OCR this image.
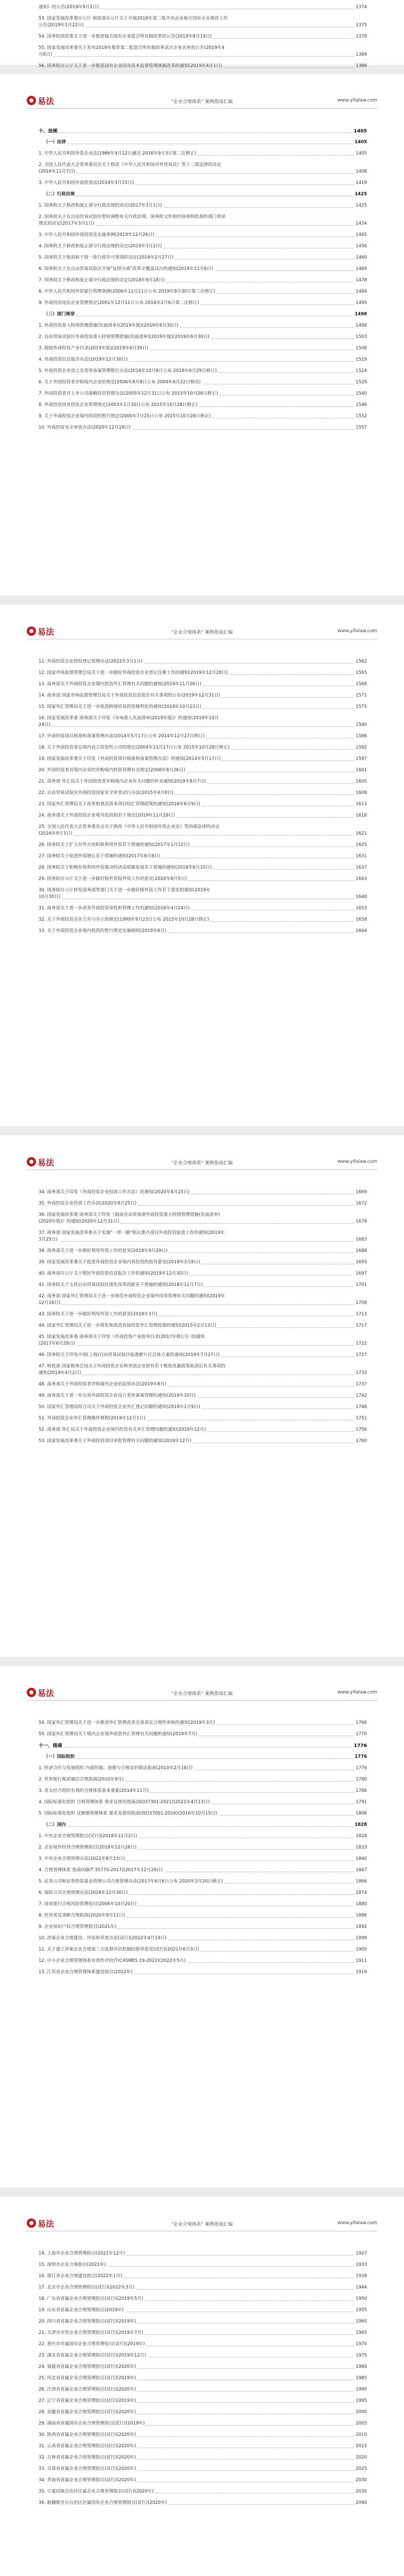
通知》的公告(2019年9月2日)	1374
53. 国家发展改革委办公厅 财政部办公厅关于开展2019年第二批中央企业地方国有企业推荐工作
公告(2019年1月22日)	1375
54. 国务院国资委关于进一步推进地方国有企业混合所有制改革的公告(2019年8月19日)	1379
55. 国家发展改革委关于发布2019年推荐第二批混合所有制改革试点企业名单的公告(2019年4
月6日)	1384
56. 国务院办公厅关于进一步推进国有企业国有资本监督管理体制改革的通知(2019年4月1日)	1386
易法	"企业合规体系" 案例指南汇编	www.yifalaw.com
十、法规	1405
（一）法律	1405
1. 中华人民共和国外资企业法(1986年4月12日通过 2016年9月3日第二次修正)	1405
2. 全国人民代表大会常务委员会关于修改《中华人民共和国对外贸易法》等十二部法律的决定
(2016年11月7日)	1408
3. 中华人民共和国外商投资法(2019年3月15日)	1419
（二）行政法规	1425
1. 国务院关于修改和废止部分行政法规的决定(2017年3月1日)	1425
2. 国务院关于在自由贸易试验区暂时调整有关行政法规、国务院文件和经国务院批准的部门规章
规定的决定(2017年3月1日)	1434
3. 中华人民共和国外商投资法实施条例(2019年12月26日)	1445
4. 国务院关于修改和废止部分行政法规的决定(2019年3月2日)	1456
5. 国务院关于取消和下放一批行政许可事项的决定(2019年2月27日)	1460
6. 国务院关于在自由贸易试验区开展"证照分离"改革全覆盖试点的通知(2019年11月6日)	1469
7. 国务院关于修改和废止部分行政法规的决定(2018年9月18日)	1478
8. 中华人民共和国外资银行管理条例(2006年11月11日公布 2019年9月30日第三次修订)	1484
9. 外商投资电信企业管理规定(2001年12月11日公布 2016年2月6日第二次修订)	1495
（三）部门规章	1498
1. 外商投资准入特别管理措施(负面清单)(2019年版)(2019年6月30日)	1498
2. 自由贸易试验区外商投资准入特别管理措施(负面清单)(2019年版)(2019年6月30日)	1503
3. 鼓励外商投资产业目录(2019年版)(2019年6月30日)	1508
4. 外商投资信息报告办法(2019年12月30日)	1519
5. 外商投资企业设立及变更备案管理暂行办法(2016年10月8日公布 2018年6月29日修订)	1524
6. 关于外国投资者并购境内企业的规定(2006年8月8日公布 2009年6月22日修改)	1529
7. 外国投资者对上市公司战略投资管理办法(2005年12月31日公布 2015年10月28日修正)	1540
8. 外商投资创业投资企业管理规定(2003年1月30日公布 2015年10月28日修正)	1546
9. 关于外商投资企业境内投资的暂行规定(2000年7月25日公布 2015年10月28日修正)	1552
10. 外商投资安全审查办法(2020年12月19日)	1557
易法	"企业合规体系" 案例指南汇编	www.yifalaw.com
11. 外商投资企业授权登记管理办法(2022年3月1日)	1562
12. 国家市场监督管理总局关于进一步做好外商投资企业登记注册工作的通知(2019年12月28日)	1565
13. 商务部关于外商投资企业境内投资外汇管理有关问题的通知(2019年11月26日)	1568
14. 商务部 国家市场监督管理总局关于外商投资信息报告有关事项的公告(2019年12月31日)	1571
15. 国家外汇管理局关于进一步促进跨境贸易投资便利化的通知(2019年10月23日)	1575
16. 国家发展改革委 商务部关于印发《市场准入负面清单(2019年版)》的通知(2019年10月
24日)	1580
17. 外商投资项目核准和备案管理办法(2014年5月17日公布 2014年12月27日修订)	1586
18. 关于外国投资者在境内设立投资性公司的规定(2004年11月17日公布 2015年10月28日修正)	1592
19. 国家发展改革委关于印发《外商投资项目核准和备案管理办法》的通知(2014年5月17日)	1597
20. 外国投资者对境内企业的并购境内投资管理有关规定(2008年8月26日)	1601
21. 商务部 外汇局关于外国投资者并购境内企业有关问题的补充通知(2019年8月7日)	1605
22. 自由贸易试验区外商投资国家安全审查试行办法(2015年4月8日)	1609
23. 国家外汇管理局关于改革和规范资本项目结汇管理政策的通知(2016年6月9日)	1613
24. 商务部关于外商投资企业境外投资的若干规定(2019年11月29日)	1618
25. 全国人民代表大会常务委员会关于修改《中华人民共和国外资企业法》等四部法律的决定
(2016年9月3日)	1621
26. 国务院关于扩大对外开放积极利用外资若干措施的通知(2017年1月12日)	1625
27. 国务院关于促进外资增长若干措施的通知(2017年8月8日)	1631
28. 国务院关于积极有效利用外资推动经济高质量发展若干措施的通知(2018年6月10日)	1637
29. 国务院办公厅关于进一步做好稳外贸稳外资工作的意见(2020年8月5日)	1643
30. 国务院办公厅转发商务部等部门关于进一步做好稳外资工作若干意见的通知(2019年
10月30日)	1648
31. 商务部关于进一步改革外商投资审批和管理工作的通知(2018年4月24日)	1653
32. 关于外商投资企业合并与分立的规定(1999年9月23日公布 2015年10月28日修正)	1658
33. 关于外商投资企业境内投资的暂行规定实施细则(2019年8月)	1664
易法	"企业合规体系" 案例指南汇编	www.yifalaw.com
34. 商务部关于印发《外商投资企业投诉工作办法》的通知(2020年8月25日)	1669
35. 外商投资企业投诉工作办法(2020年8月25日)	1672
36. 国家发展改革委 商务部关于印发《海南自由贸易港外商投资准入特别管理措施(负面清单)
(2020年版)》的通知(2020年12月31日)	1679
37. 商务部 国家发展改革委关于实施"一带一路"倡议重点项目外商投资促进工作的通知(2019年
3月25日)	1683
38. 商务部关于进一步做好利用外资工作的意见(2019年9月29日)	1688
39. 国家发展改革委关于促进外商投资企业境内再投资的指导意见(2019年3月8日)	1693
40. 商务部办公厅关于做好外商投资信息报告工作的通知(2019年12月30日)	1697
41. 国务院关于支持自由贸易试验区深化改革创新若干措施的通知(2018年11月7日)	1701
42. 商务部 国家外汇管理局关于进一步规范外商投资企业境外投资管理有关问题的通知(2019年
12月16日)	1708
43. 国务院关于进一步做好利用外资工作的意见(2019年3月)	1713
44. 国家外汇管理局关于进一步简化和改进直接投资外汇管理政策的通知(2015年2月13日)	1717
45. 国家发展改革委 商务部关于印发《外商投资产业指导目录(2017年修订)》的通知
(2017年6月28日)	1722
46. 国务院关于印发中国(上海)自由贸易试验区临港新片区总体方案的通知(2019年7月27日)	1727
47. 财政部 国家税务总局关于外商投资企业和外国企业原有若干税收优惠政策取消后有关事项的
通知(2019年4月2日)	1733
48. 商务部关于外国投资者并购境内企业的监管办法(2019年8月)	1737
49. 商务部关于进一步完善外商投资企业设立变更备案管理的通知(2019年10月)	1742
50. 国家外汇管理局综合司关于外商投资企业外汇登记问题的通知(2019年1月9日)	1746
51. 外商投资企业外汇管理操作规程(2019年12月1日)	1751
52. 商务部 外汇局关于外商投资企业境内投资有关外汇管理问题的通知(2019年12月)	1756
53. 国家发展改革委关于外商投资项目审批管理有关问题的通知(2019年12月)	1760
易法	"企业合规体系" 案例指南汇编	www.yifalaw.com
54. 国家外汇管理局关于进一步推进外汇管理改革完善真实合规性审核的通知(2019年3月)	1766
55. 国家外汇管理局关于境内企业境外放款外汇管理有关问题的通知(2019年7月)	1770
十一、指南	1776
（一）国际组织	1776
1. 经济合作与发展组织 内部控制、道德与合规良好做法指南(2010年2月18日)	1776
2. 世界银行集团诚信合规指南(2010年9月)	1780
3. 亚太经合组织有效的合规体系基本要素(2014年11月)	1786
4. 国际标准化组织 合规管理体系 要求及使用指南(ISO37301:2021)(2021年4月13日)	1791
5. 国际标准化组织 反贿赂管理体系 要求及使用指南(ISO37001:2016)(2016年10月15日)	1806
（二）国内	1828
1. 中央企业合规管理指引(试行)(2018年11月2日)	1828
2. 企业境外经营合规管理指引(2018年12月26日)	1833
3. 中央企业合规管理办法(2022年8月23日)	1840
4. 合规管理体系 指南(GB/T 35770-2017)(2017年12月29日)	1847
5. 证券公司和证券投资基金管理公司合规管理办法(2017年6月6日公布 2020年3月20日修正)	1866
6. 保险公司合规管理办法(2016年12月30日)	1874
7. 商业银行合规风险管理指引(2006年10月20日)	1880
8. 经营者反垄断合规指南(2020年9月11日)	1886
9. 企业知识产权合规管理指引(2021年)	1892
10. 涉案企业合规建设、评估和审查办法(试行)(2022年4月19日)	1898
11. 关于建立涉案企业合规第三方监督评估机制的指导意见(试行)(2021年6月3日)	1905
12. 中小企业合规管理体系有效性评价(T/CASMES 19-2022)(2022年5月)	1911
13. 江苏省企业合规管理体系建设指引(2022年)	1919
易法	"企业合规体系" 案例指南汇编	www.yifalaw.com
14. 上海市企业合规管理指引(2021年12月)	1927
15. 深圳市企业合规指引(2021年)	1933
16. 浙江省企业合规建设指引(2022年1月)	1939
17. 北京市企业合规管理指引(试行)(2022年3月)	1944
18. 广东省省属企业合规管理指引(试行)(2019年5月)	1950
19. 山东省省属企业合规管理指引(2019年)	1955
20. 四川省省属企业合规管理指引(试行)(2019年)	1960
21. 天津市市管企业合规管理指引(试行)(2019年7月)	1965
22. 重庆市市属国有企业合规管理指引(试行)(2019年)	1970
23. 湖北省省属企业合规管理指引(试行)(2019年12月)	1975
24. 福建省省属企业合规管理指引(试行)(2020年)	1980
25. 河北省省属企业合规管理指引(试行)(2019年)	1985
26. 江西省省属企业合规管理指引(试行)(2020年)	1990
27. 辽宁省省属企业合规管理指引(试行)(2019年)	1995
28. 安徽省省属企业合规管理指引(试行)(2020年)	2000
29. 湖南省省属国有企业合规管理指引(试行)(2019年)	2005
30. 陕西省省属企业合规管理指引(试行)(2020年)	2010
31. 云南省省属企业合规管理指引(试行)(2020年)	2015
32. 吉林省省属企业合规管理指引(试行)(2020年)	2020
33. 甘肃省省属企业合规管理指引(试行)(2020年)	2025
34. 青海省省属企业合规管理指引(试行)(2020年)	2030
35. 宁夏回族自治区区属企业合规管理指引(试行)(2020年)	2035
36. 新疆维吾尔自治区区属国有企业合规管理指引(试行)(2020年)	2040
